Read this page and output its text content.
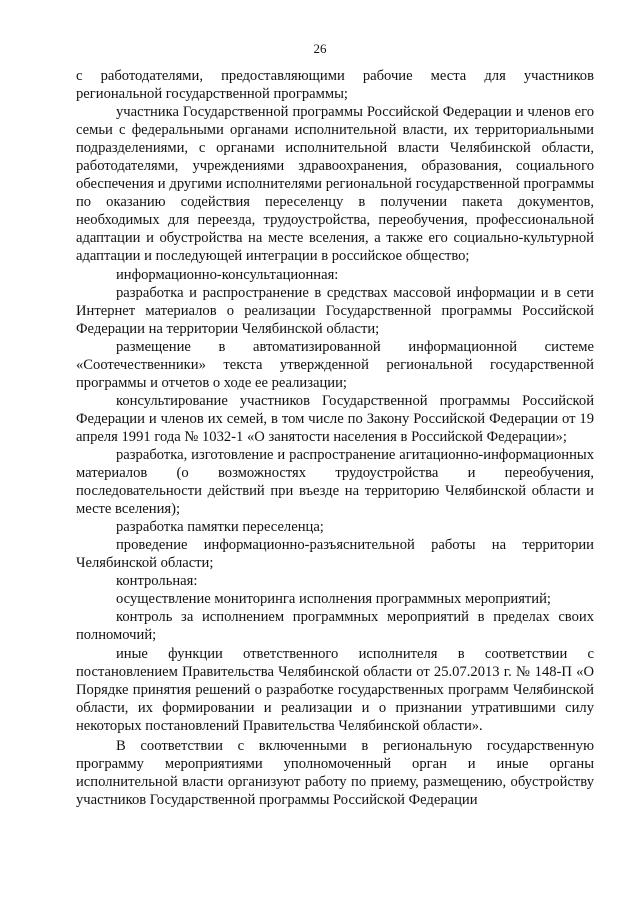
26

с работодателями, предоставляющими рабочие места для участников региональной государственной программы;

участника Государственной программы Российской Федерации и членов его семьи с федеральными органами исполнительной власти, их территориальными подразделениями, с органами исполнительной власти Челябинской области, работодателями, учреждениями здравоохранения, образования, социального обеспечения и другими исполнителями региональной государственной программы по оказанию содействия переселенцу в получении пакета документов, необходимых для переезда, трудоустройства, переобучения, профессиональной адаптации и обустройства на месте вселения, а также его социально-культурной адаптации и последующей интеграции в российское общество;

информационно-консультационная:

разработка и распространение в средствах массовой информации и в сети Интернет материалов о реализации Государственной программы Российской Федерации на территории Челябинской области;

размещение в автоматизированной информационной системе «Соотечественники» текста утвержденной региональной государственной программы и отчетов о ходе ее реализации;

консультирование участников Государственной программы Российской Федерации и членов их семей, в том числе по Закону Российской Федерации от 19 апреля 1991 года № 1032-1 «О занятости населения в Российской Федерации»;

разработка, изготовление и распространение агитационно-информационных материалов (о возможностях трудоустройства и переобучения, последовательности действий при въезде на территорию Челябинской области и месте вселения);

разработка памятки переселенца;

проведение информационно-разъяснительной работы на территории Челябинской области;

контрольная:

осуществление мониторинга исполнения программных мероприятий;

контроль за исполнением программных мероприятий в пределах своих полномочий;

иные функции ответственного исполнителя в соответствии с постановлением Правительства Челябинской области от 25.07.2013 г. № 148-П «О Порядке принятия решений о разработке государственных программ Челябинской области, их формировании и реализации и о признании утратившими силу некоторых постановлений Правительства Челябинской области».

В соответствии с включенными в региональную государственную программу мероприятиями уполномоченный орган и иные органы исполнительной власти организуют работу по приему, размещению, обустройству участников Государственной программы Российской Федерации
